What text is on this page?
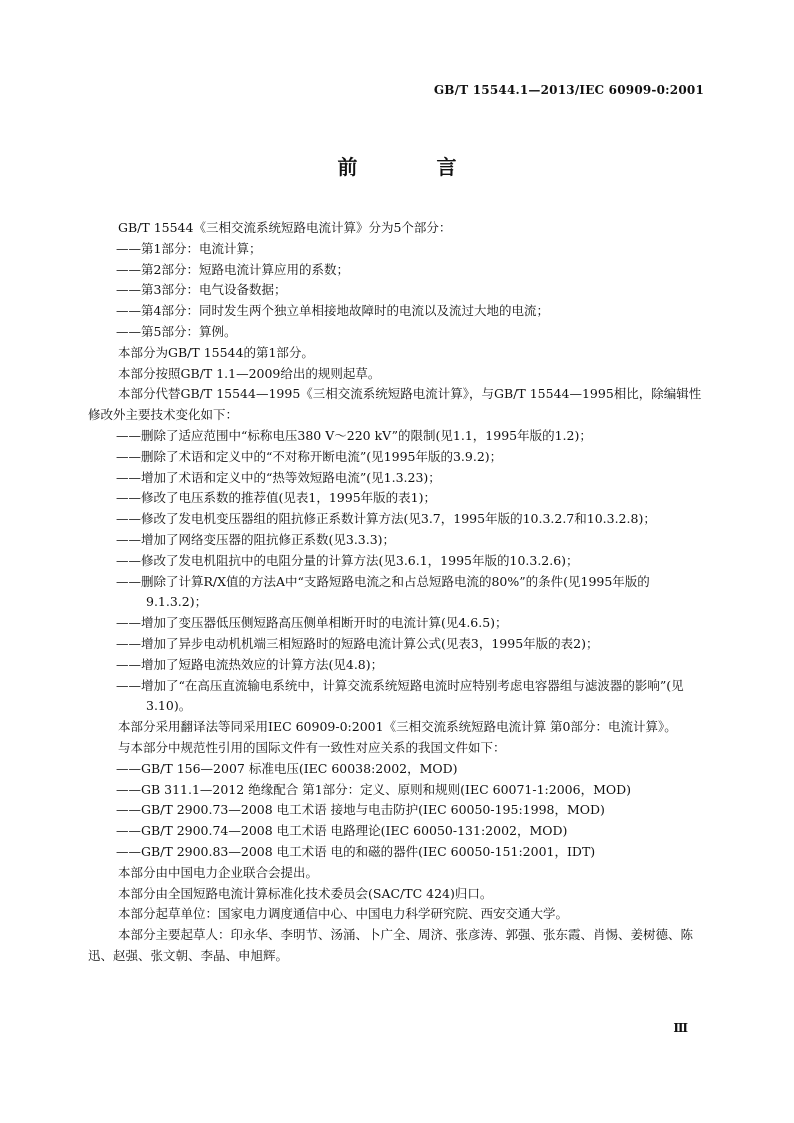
GB/T 15544.1—2013/IEC 60909-0:2001
前 言

GB/T 15544《三相交流系统短路电流计算》分为5个部分：

——第1部分：电流计算；

——第2部分：短路电流计算应用的系数；

——第3部分：电气设备数据；

——第4部分：同时发生两个独立单相接地故障时的电流以及流过大地的电流；

——第5部分：算例。

本部分为GB/T 15544的第1部分。

本部分按照GB/T 1.1—2009给出的规则起草。

本部分代替GB/T 15544—1995《三相交流系统短路电流计算》，与GB/T 15544—1995相比，除编辑性修改外主要技术变化如下：

——删除了适应范围中“标称电压380 V～220 kV”的限制(见1.1，1995年版的1.2)；

——删除了术语和定义中的“不对称开断电流”(见1995年版的3.9.2)；

——增加了术语和定义中的“热等效短路电流”(见1.3.23)；

——修改了电压系数的推荐值(见表1，1995年版的表1)；

——修改了发电机变压器组的阻抗修正系数计算方法(见3.7，1995年版的10.3.2.7和10.3.2.8)；

——增加了网络变压器的阻抗修正系数(见3.3.3)；

——修改了发电机阻抗中的电阻分量的计算方法(见3.6.1，1995年版的10.3.2.6)；

——删除了计算R/X值的方法A中“支路短路电流之和占总短路电流的80%”的条件(见1995年版的9.1.3.2)；

——增加了变压器低压侧短路高压侧单相断开时的电流计算(见4.6.5)；

——增加了异步电动机机端三相短路时的短路电流计算公式(见表3，1995年版的表2)；

——增加了短路电流热效应的计算方法(见4.8)；

——增加了“在高压直流输电系统中，计算交流系统短路电流时应特别考虑电容器组与滤波器的影响”(见3.10)。

本部分采用翻译法等同采用IEC 60909-0:2001《三相交流系统短路电流计算 第0部分：电流计算》。

与本部分中规范性引用的国际文件有一致性对应关系的我国文件如下：

——GB/T 156—2007 标准电压(IEC 60038:2002，MOD)

——GB 311.1—2012 绝缘配合 第1部分：定义、原则和规则(IEC 60071-1:2006，MOD)

——GB/T 2900.73—2008 电工术语 接地与电击防护(IEC 60050-195:1998，MOD)

——GB/T 2900.74—2008 电工术语 电路理论(IEC 60050-131:2002，MOD)

——GB/T 2900.83—2008 电工术语 电的和磁的器件(IEC 60050-151:2001，IDT)

本部分由中国电力企业联合会提出。

本部分由全国短路电流计算标准化技术委员会(SAC/TC 424)归口。

本部分起草单位：国家电力调度通信中心、中国电力科学研究院、西安交通大学。

本部分主要起草人：印永华、李明节、汤涌、卜广全、周济、张彦涛、郭强、张东霞、肖惕、姜树德、陈迅、赵强、张文朝、李晶、申旭辉。

Ⅲ
